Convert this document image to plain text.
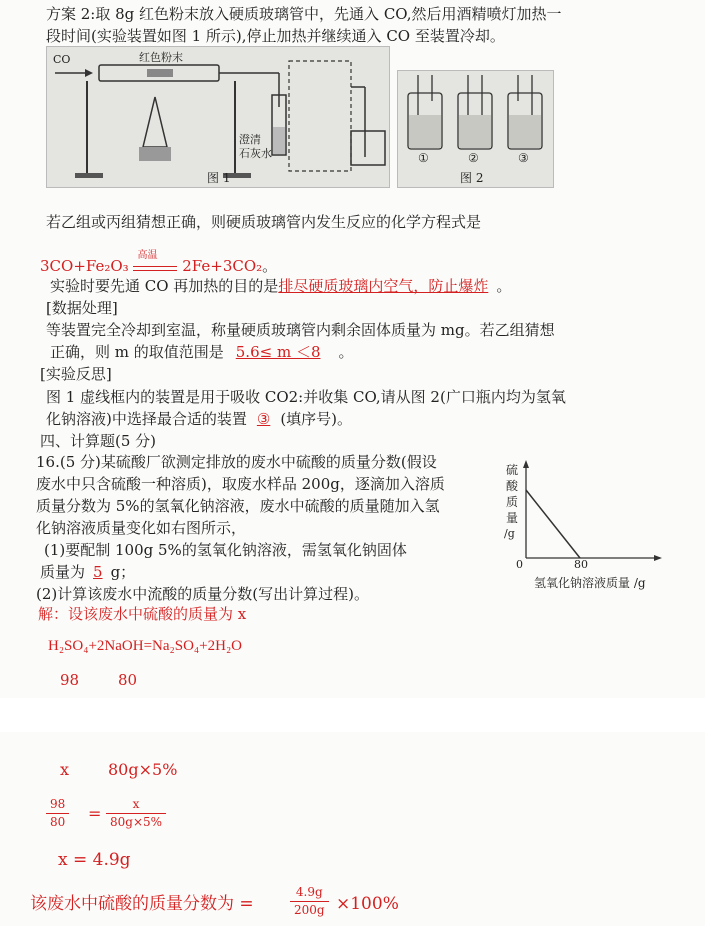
方案 2:取 8g 红色粉末放入硬质玻璃管中，先通入 CO,然后用酒精喷灯加热一
段时间(实验装置如图 1 所示),停止加热并继续通入 CO 至装置冷却。
CO	红色粉末
澄清
石灰水
图 1
①	②	③
图 2
若乙组或丙组猜想正确，则硬质玻璃管内发生反应的化学方程式是
3CO+Fe₂O₃
高温
2Fe+3CO₂。
实验时要先通 CO 再加热的目的是排尽硬质玻璃内空气，防止爆炸 。
[数据处理]
等装置完全冷却到室温，称量硬质玻璃管内剩余固体质量为 mg。若乙组猜想
正确，则 m 的取值范围是 5.6≤ m ＜8 。
[实验反思]
图 1 虚线框内的装置是用于吸收 CO2:并收集 CO,请从图 2(广口瓶内均为氢氧
化钠溶液)中选择最合适的装置 ③ (填序号)。
四、计算题(5 分)
16.(5 分)某硫酸厂欲测定排放的废水中硫酸的质量分数(假设
废水中只含硫酸一种溶质)，取废水样品 200g，逐滴加入溶质
质量分数为 5%的氢氧化钠溶液，废水中硫酸的质量随加入氢
化钠溶液质量变化如右图所示，
(1)要配制 100g 5%的氢氧化钠溶液，需氢氧化钠固体
质量为 5 g；
(2)计算该废水中流酸的质量分数(写出计算过程)。
硫
酸
质
量
/g
0	80
氢氧化钠溶液质量 /g
解：设该废水中硫酸的质量为 x
H₂SO₄+2NaOH=Na₂SO₄+2H₂O
98	80
x 80g×5%
$\frac{98}{80} = \frac{x}{80g\times 5\%}$
x = 4.9g
该废水中硫酸的质量分数为 =	$\frac{4.9g}{200g} \times 100\%$
